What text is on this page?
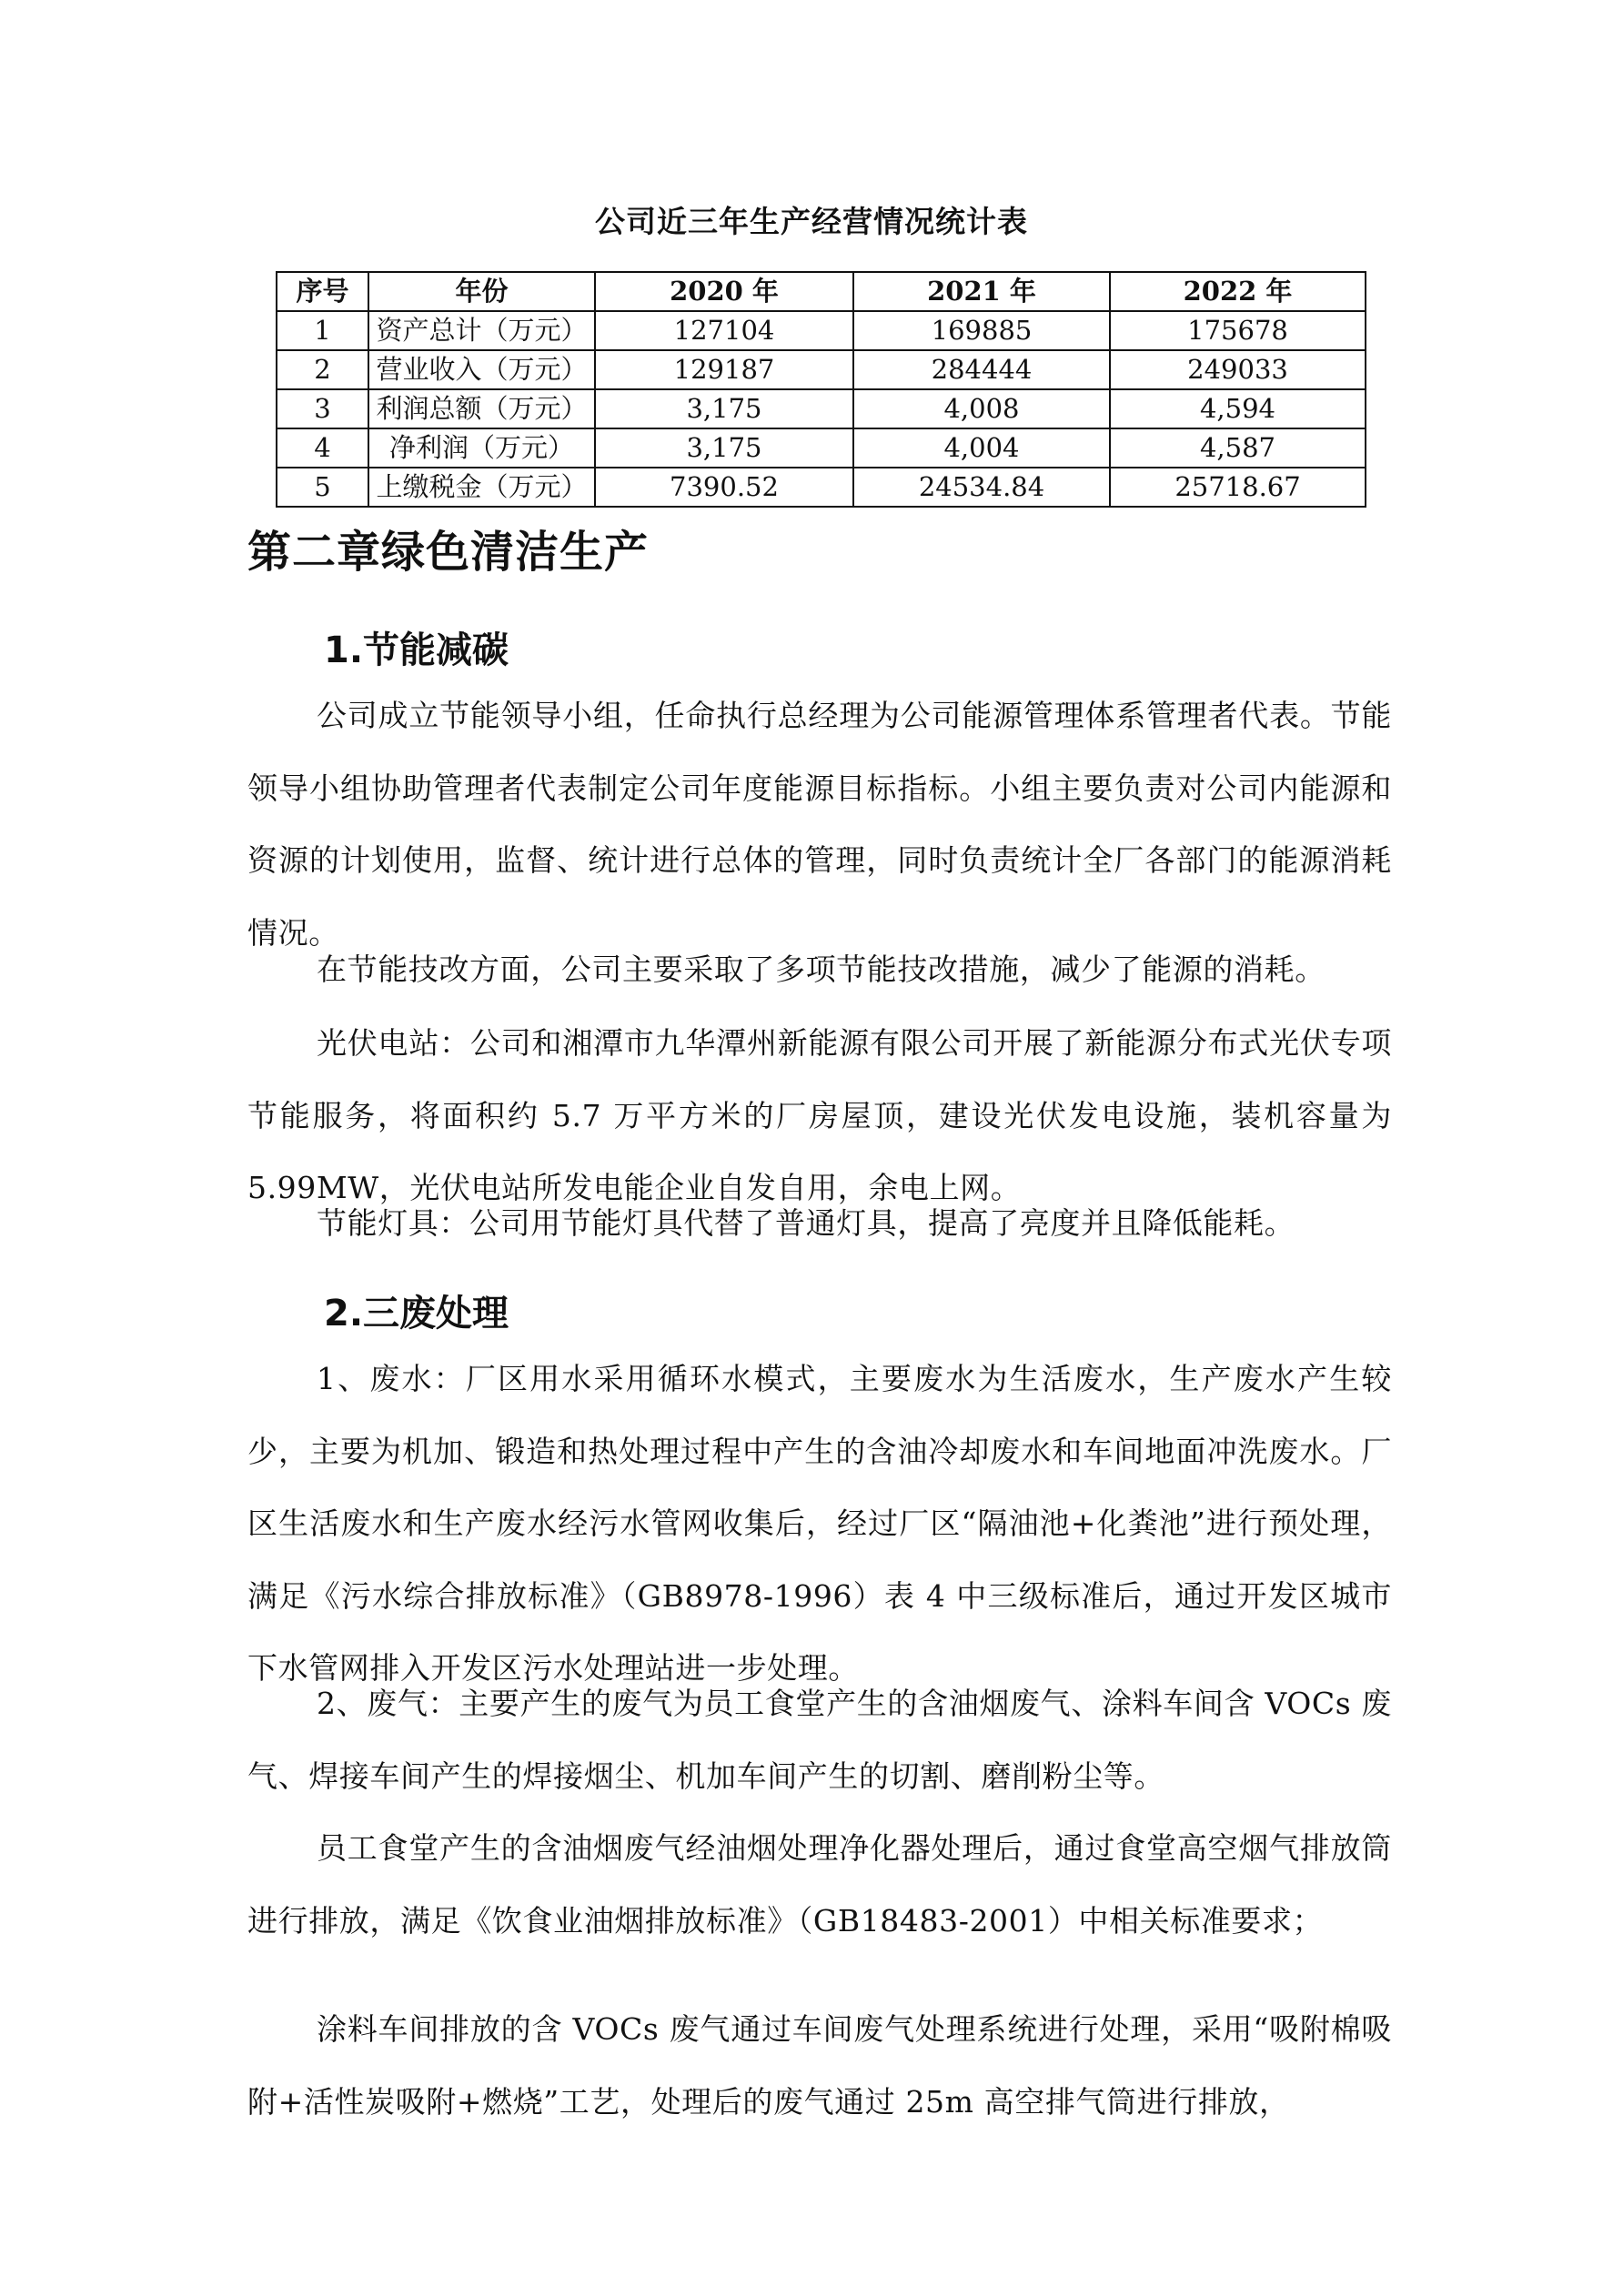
公司近三年生产经营情况统计表
序号	年份	2020 年	2021 年	2022 年
1	资产总计（万元）	127104	169885	175678
2	营业收入（万元）	129187	284444	249033
3	利润总额（万元）	3,175	4,008	4,594
4	净利润（万元）	3,175	4,004	4,587
5	上缴税金（万元）	7390.52	24534.84	25718.67
第二章绿色清洁生产
1.节能减碳

公司成立节能领导小组，任命执行总经理为公司能源管理体系管理者代表。节能领导小组协助管理者代表制定公司年度能源目标指标。小组主要负责对公司内能源和资源的计划使用，监督、统计进行总体的管理，同时负责统计全厂各部门的能源消耗情况。

在节能技改方面，公司主要采取了多项节能技改措施，减少了能源的消耗。

光伏电站：公司和湘潭市九华潭州新能源有限公司开展了新能源分布式光伏专项节能服务，将面积约 5.7 万平方米的厂房屋顶，建设光伏发电设施，装机容量为 5.99MW，光伏电站所发电能企业自发自用，余电上网。

节能灯具：公司用节能灯具代替了普通灯具，提高了亮度并且降低能耗。

2.三废处理

1、废水：厂区用水采用循环水模式，主要废水为生活废水，生产废水产生较少，主要为机加、锻造和热处理过程中产生的含油冷却废水和车间地面冲洗废水。厂区生活废水和生产废水经污水管网收集后，经过厂区“隔油池+化粪池”进行预处理，满足《污水综合排放标准》（GB8978-1996）表 4 中三级标准后，通过开发区城市下水管网排入开发区污水处理站进一步处理。

2、废气：主要产生的废气为员工食堂产生的含油烟废气、涂料车间含 VOCs 废气、焊接车间产生的焊接烟尘、机加车间产生的切割、磨削粉尘等。

员工食堂产生的含油烟废气经油烟处理净化器处理后，通过食堂高空烟气排放筒进行排放，满足《饮食业油烟排放标准》（GB18483-2001）中相关标准要求；

涂料车间排放的含 VOCs 废气通过车间废气处理系统进行处理，采用“吸附棉吸附+活性炭吸附+燃烧”工艺，处理后的废气通过 25m 高空排气筒进行排放，
